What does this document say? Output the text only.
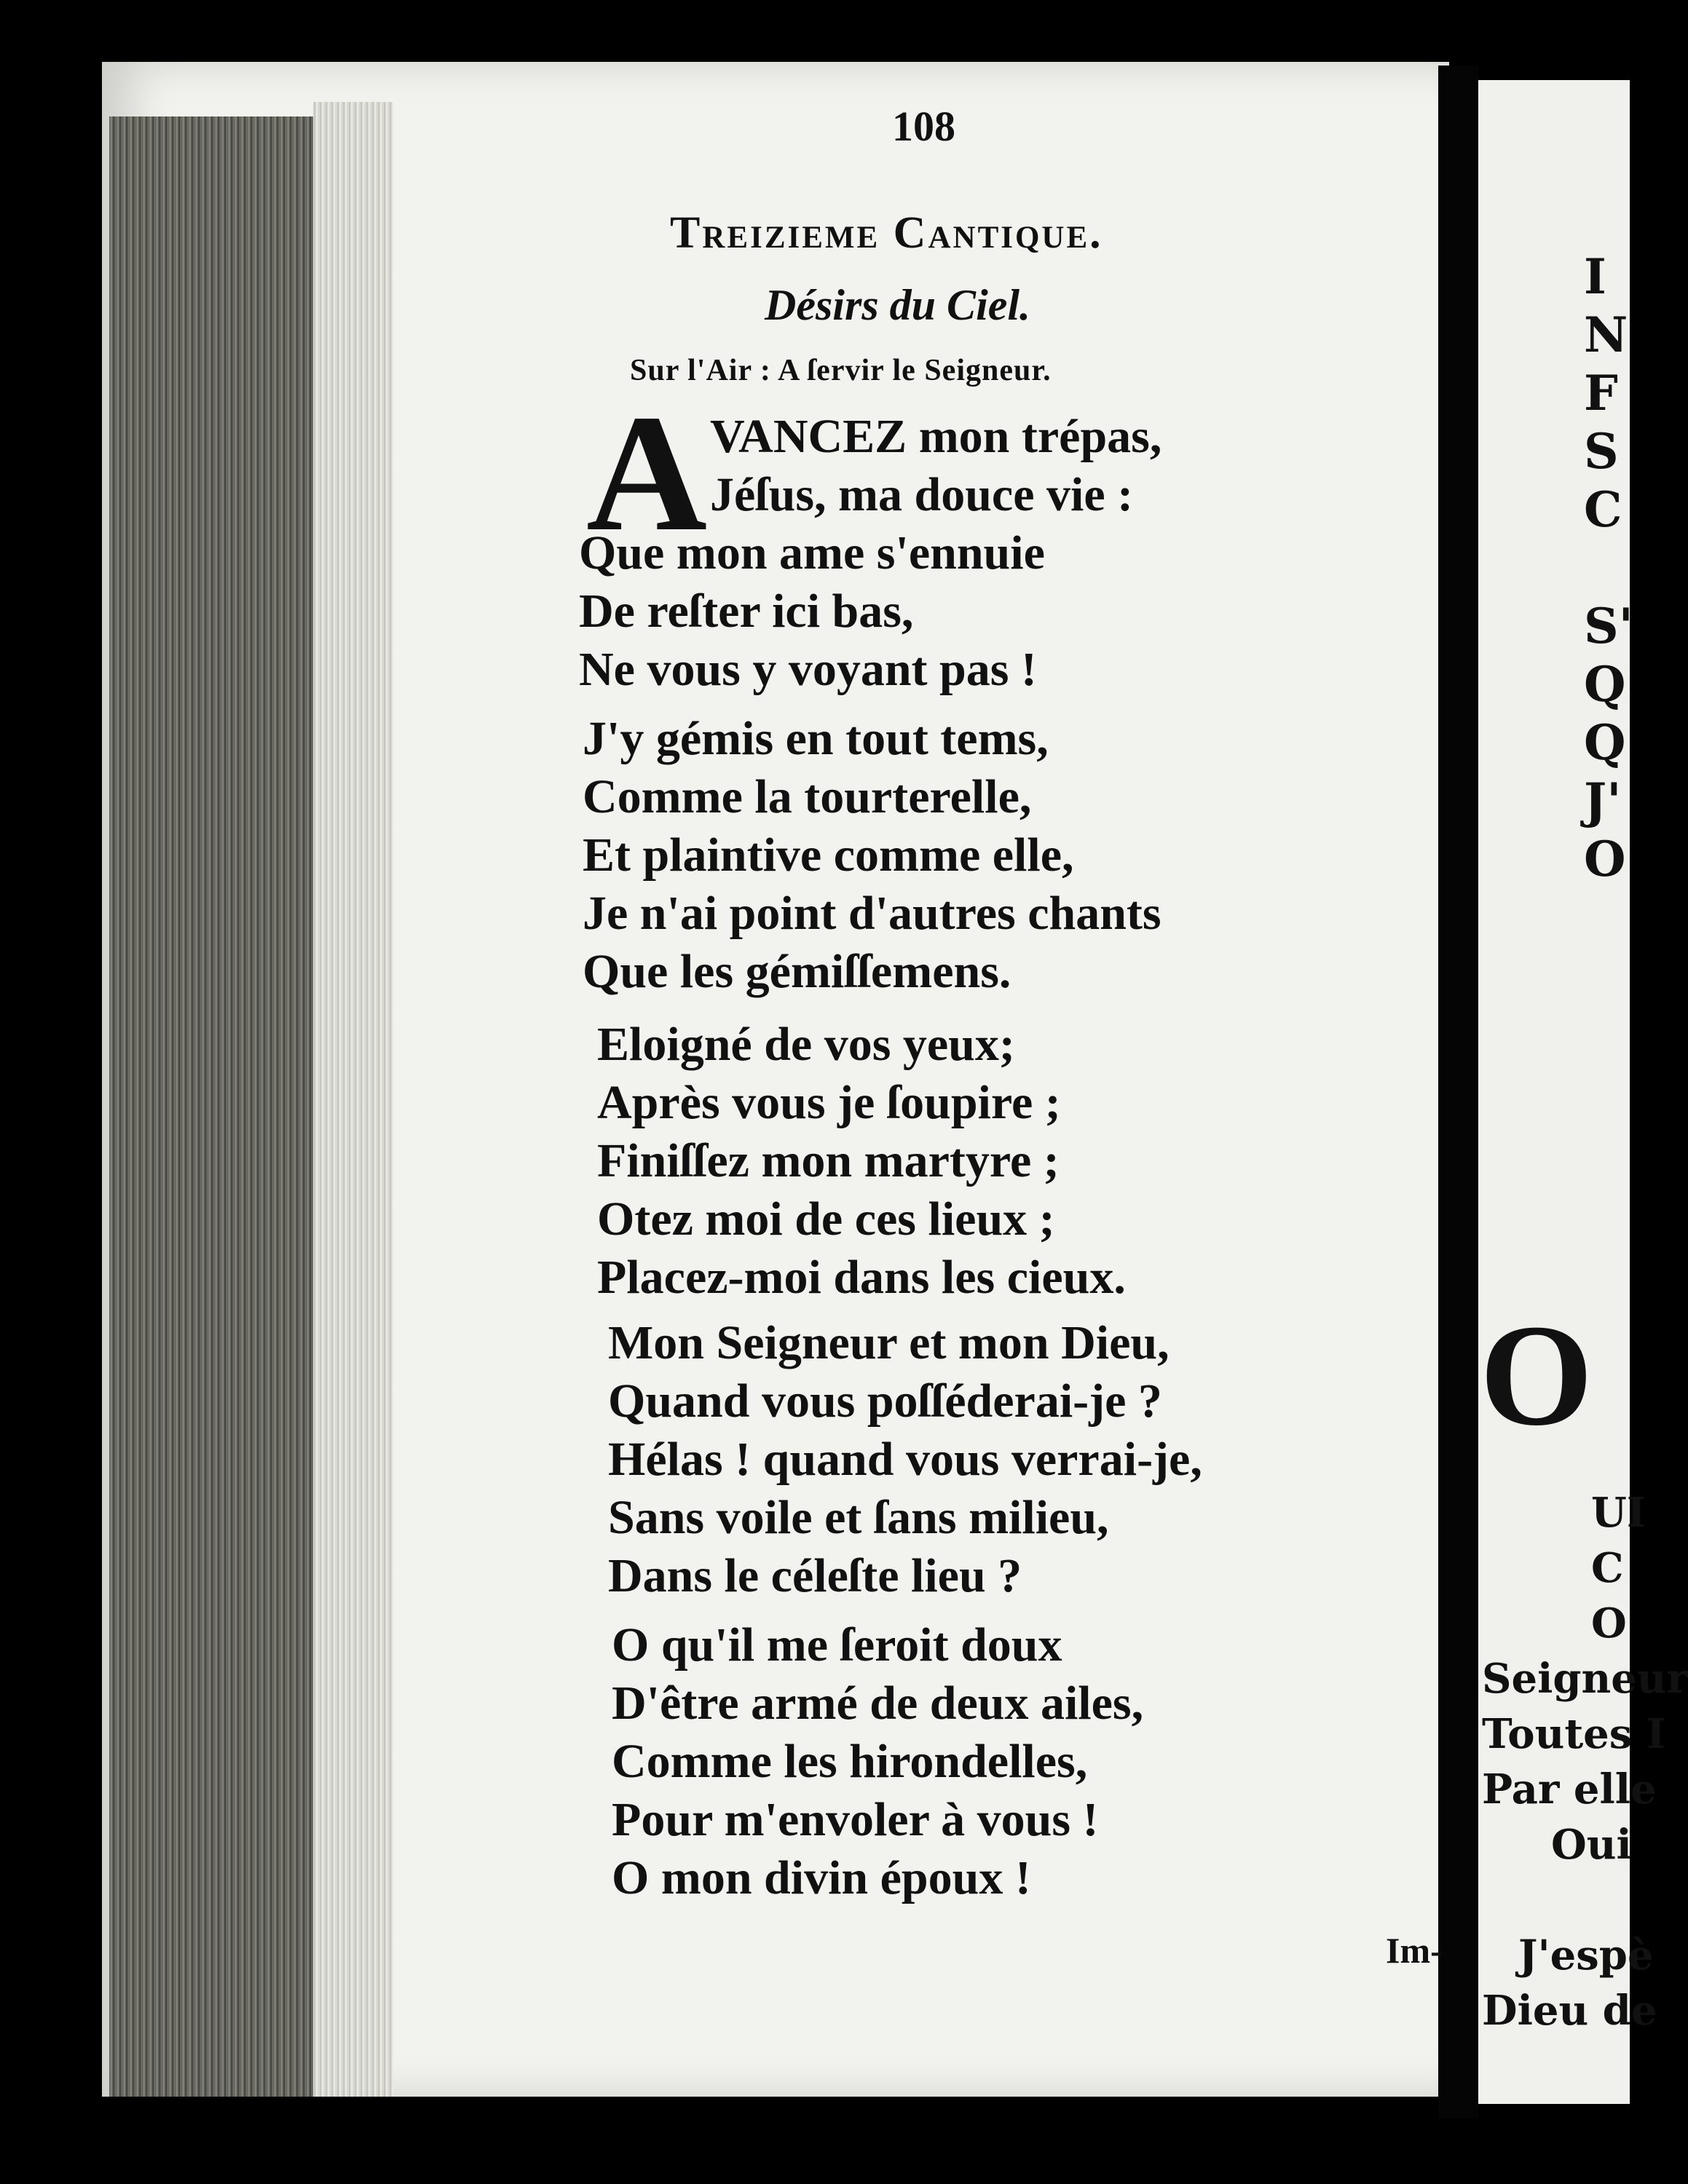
108
Treizieme Cantique.
Désirs du Ciel.
Sur l'Air : A ſervir le Seigneur.
A VANCEZ mon trépas,
Jéſus, ma douce vie :
Que mon ame s'ennuie
De reſter ici bas,
Ne vous y voyant pas !
J'y gémis en tout tems,
Comme la tourterelle,
Et plaintive comme elle,
Je n'ai point d'autres chants
Que les gémiſſemens.
Eloigné de vos yeux;
Après vous je ſoupire ;
Finiſſez mon martyre ;
Otez moi de ces lieux ;
Placez-moi dans les cieux.
Mon Seigneur et mon Dieu,
Quand vous poſſéderai-je ?
Hélas ! quand vous verrai-je,
Sans voile et ſans milieu,
Dans le céleſte lieu ?
O qu'il me ſeroit doux
D'être armé de deux ailes,
Comme les hirondelles,
Pour m'envoler à vous !
O mon divin époux !
Im-
I
N
F
S
C
S'
Q
Q
J'
O
O
UI
C
O
Seigneur
Toutes I
Par elle
Oui
J'espè
Dieu de
